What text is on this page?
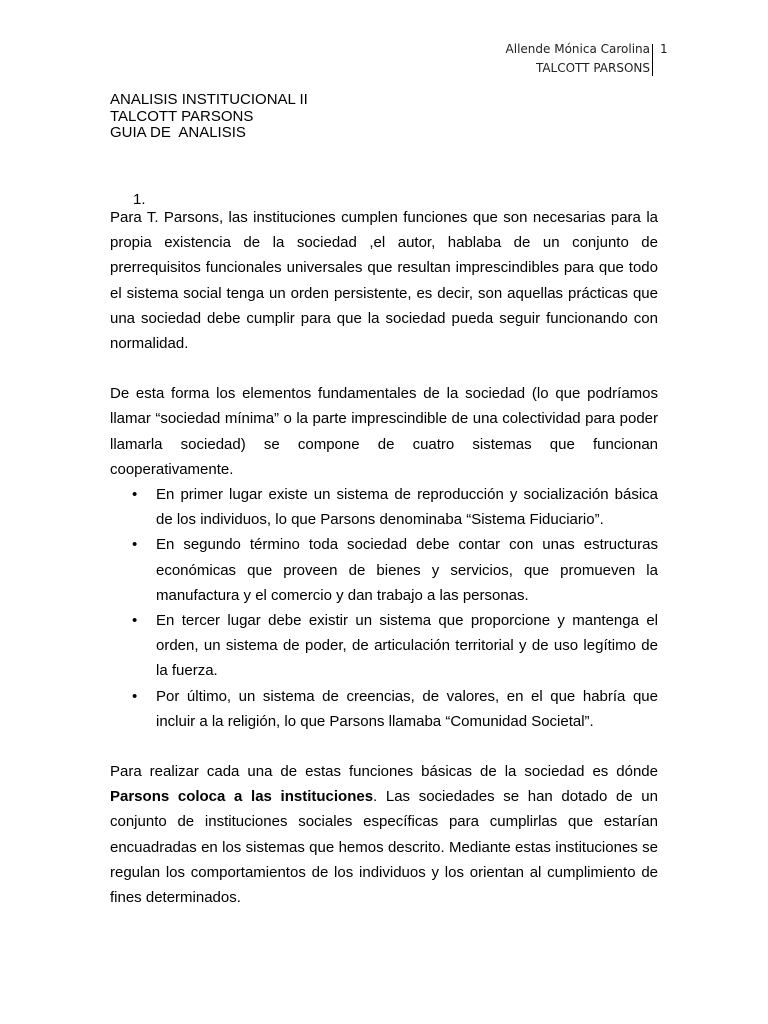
Allende Mónica Carolina
TALCOTT PARSONS
1
ANALISIS INSTITUCIONAL II
TALCOTT PARSONS
GUIA DE  ANALISIS
1.

Para T. Parsons, las instituciones cumplen funciones que son necesarias para la propia existencia de la sociedad ,el autor, hablaba de un conjunto de prerrequisitos funcionales universales que resultan imprescindibles para que todo el sistema social tenga un orden persistente, es decir, son aquellas prácticas que una sociedad debe cumplir para que la sociedad pueda seguir funcionando con normalidad.

De esta forma los elementos fundamentales de la sociedad (lo que podríamos llamar “sociedad mínima” o la parte imprescindible de una colectividad para poder llamarla sociedad) se compone de cuatro sistemas que funcionan cooperativamente.

•	En primer lugar existe un sistema de reproducción y socialización básica de los individuos, lo que Parsons denominaba “Sistema Fiduciario”.
•	En segundo término toda sociedad debe contar con unas estructuras económicas que proveen de bienes y servicios, que promueven la manufactura y el comercio y dan trabajo a las personas.
•	En tercer lugar debe existir un sistema que proporcione y mantenga el orden, un sistema de poder, de articulación territorial y de uso legítimo de la fuerza.
•	Por último, un sistema de creencias, de valores, en el que habría que incluir a la religión, lo que Parsons llamaba “Comunidad Societal”.

Para realizar cada una de estas funciones básicas de la sociedad es dónde Parsons coloca a las instituciones. Las sociedades se han dotado de un conjunto de instituciones sociales específicas para cumplirlas que estarían encuadradas en los sistemas que hemos descrito. Mediante estas instituciones se regulan los comportamientos de los individuos y los orientan al cumplimiento de fines determinados.
